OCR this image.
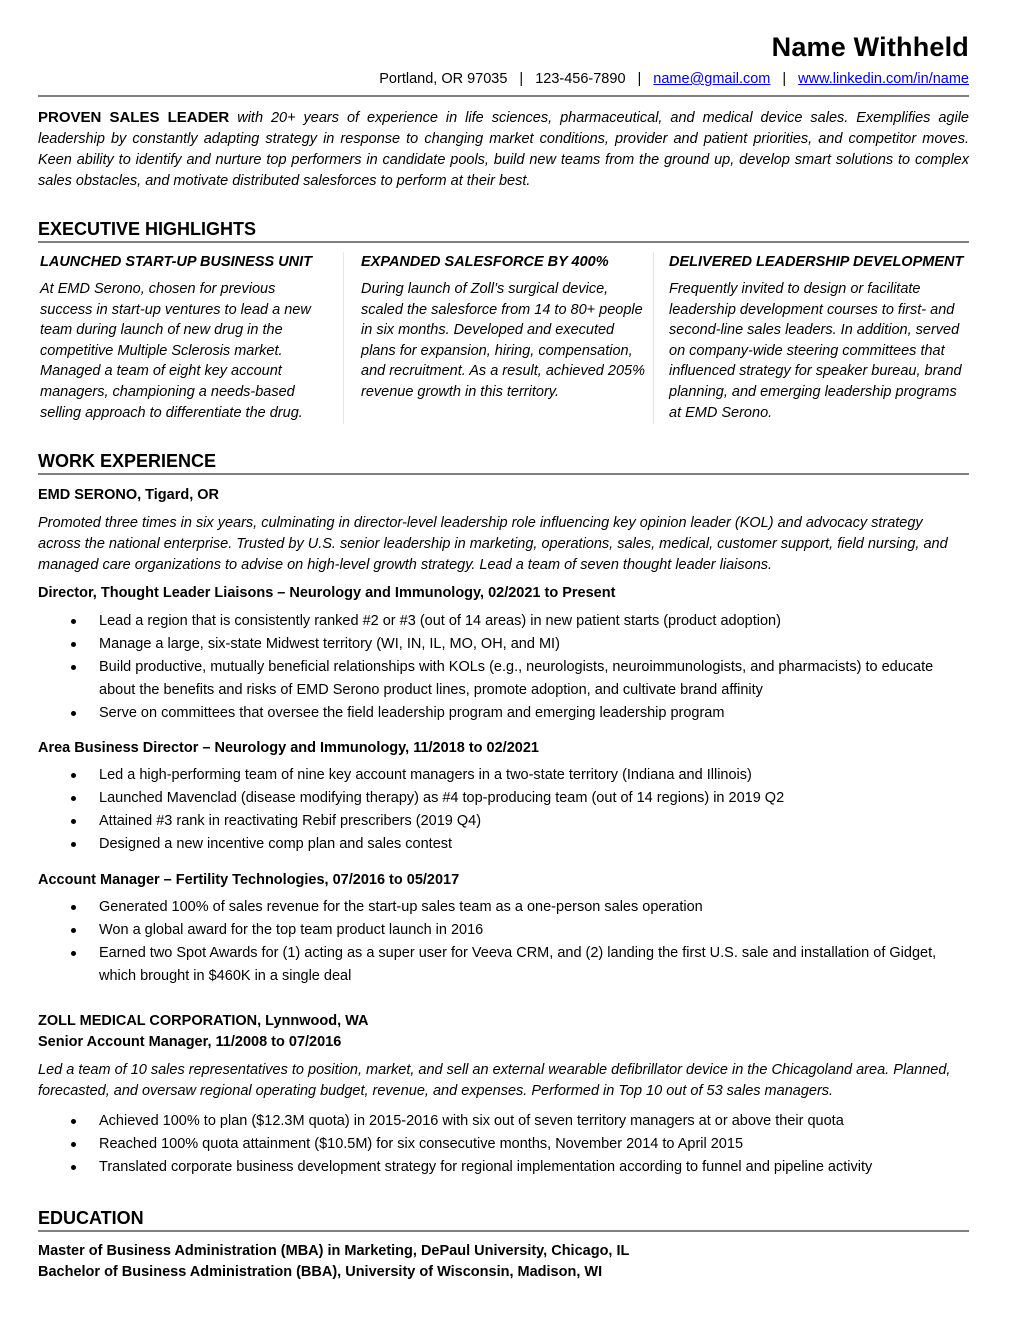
Name Withheld
Portland, OR 97035 | 123-456-7890 | name@gmail.com | www.linkedin.com/in/name
PROVEN SALES LEADER with 20+ years of experience in life sciences, pharmaceutical, and medical device sales. Exemplifies agile leadership by constantly adapting strategy in response to changing market conditions, provider and patient priorities, and competitor moves. Keen ability to identify and nurture top performers in candidate pools, build new teams from the ground up, develop smart solutions to complex sales obstacles, and motivate distributed salesforces to perform at their best.
EXECUTIVE HIGHLIGHTS
LAUNCHED START-UP BUSINESS UNIT
At EMD Serono, chosen for previous success in start-up ventures to lead a new team during launch of new drug in the competitive Multiple Sclerosis market. Managed a team of eight key account managers, championing a needs-based selling approach to differentiate the drug.
EXPANDED SALESFORCE BY 400%
During launch of Zoll’s surgical device, scaled the salesforce from 14 to 80+ people in six months. Developed and executed plans for expansion, hiring, compensation, and recruitment. As a result, achieved 205% revenue growth in this territory.
DELIVERED LEADERSHIP DEVELOPMENT
Frequently invited to design or facilitate leadership development courses to first- and second-line sales leaders. In addition, served on company-wide steering committees that influenced strategy for speaker bureau, brand planning, and emerging leadership programs at EMD Serono.
WORK EXPERIENCE
EMD SERONO, Tigard, OR
Promoted three times in six years, culminating in director-level leadership role influencing key opinion leader (KOL) and advocacy strategy across the national enterprise. Trusted by U.S. senior leadership in marketing, operations, sales, medical, customer support, field nursing, and managed care organizations to advise on high-level growth strategy. Lead a team of seven thought leader liaisons.
Director, Thought Leader Liaisons – Neurology and Immunology, 02/2021 to Present
Lead a region that is consistently ranked #2 or #3 (out of 14 areas) in new patient starts (product adoption)
Manage a large, six-state Midwest territory (WI, IN, IL, MO, OH, and MI)
Build productive, mutually beneficial relationships with KOLs (e.g., neurologists, neuroimmunologists, and pharmacists) to educate about the benefits and risks of EMD Serono product lines, promote adoption, and cultivate brand affinity
Serve on committees that oversee the field leadership program and emerging leadership program
Area Business Director – Neurology and Immunology, 11/2018 to 02/2021
Led a high-performing team of nine key account managers in a two-state territory (Indiana and Illinois)
Launched Mavenclad (disease modifying therapy) as #4 top-producing team (out of 14 regions) in 2019 Q2
Attained #3 rank in reactivating Rebif prescribers (2019 Q4)
Designed a new incentive comp plan and sales contest
Account Manager – Fertility Technologies, 07/2016 to 05/2017
Generated 100% of sales revenue for the start-up sales team as a one-person sales operation
Won a global award for the top team product launch in 2016
Earned two Spot Awards for (1) acting as a super user for Veeva CRM, and (2) landing the first U.S. sale and installation of Gidget, which brought in $460K in a single deal
ZOLL MEDICAL CORPORATION, Lynnwood, WA
Senior Account Manager, 11/2008 to 07/2016
Led a team of 10 sales representatives to position, market, and sell an external wearable defibrillator device in the Chicagoland area. Planned, forecasted, and oversaw regional operating budget, revenue, and expenses. Performed in Top 10 out of 53 sales managers.
Achieved 100% to plan ($12.3M quota) in 2015-2016 with six out of seven territory managers at or above their quota
Reached 100% quota attainment ($10.5M) for six consecutive months, November 2014 to April 2015
Translated corporate business development strategy for regional implementation according to funnel and pipeline activity
EDUCATION
Master of Business Administration (MBA) in Marketing, DePaul University, Chicago, IL
Bachelor of Business Administration (BBA), University of Wisconsin, Madison, WI
